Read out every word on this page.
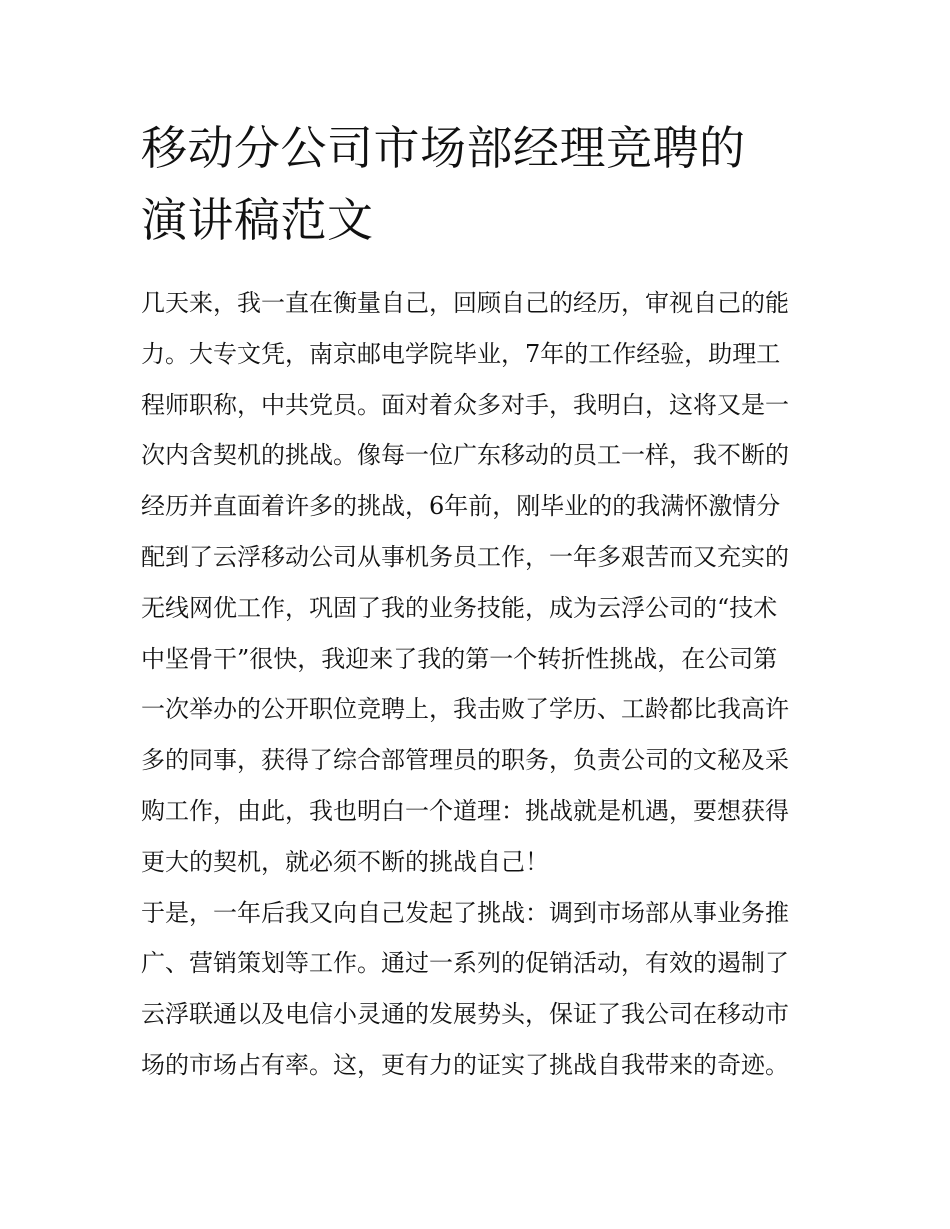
移动分公司市场部经理竞聘的
演讲稿范文
几天来，我一直在衡量自己，回顾自己的经历，审视自己的能
力。大专文凭，南京邮电学院毕业，7年的工作经验，助理工
程师职称，中共党员。面对着众多对手，我明白，这将又是一
次内含契机的挑战。像每一位广东移动的员工一样，我不断的
经历并直面着许多的挑战，6年前，刚毕业的的我满怀激情分
配到了云浮移动公司从事机务员工作，一年多艰苦而又充实的
无线网优工作，巩固了我的业务技能，成为云浮公司的“技术
中坚骨干”很快，我迎来了我的第一个转折性挑战，在公司第
一次举办的公开职位竞聘上，我击败了学历、工龄都比我高许
多的同事，获得了综合部管理员的职务，负责公司的文秘及采
购工作，由此，我也明白一个道理：挑战就是机遇，要想获得
更大的契机，就必须不断的挑战自己！
于是，一年后我又向自己发起了挑战：调到市场部从事业务推
广、营销策划等工作。通过一系列的促销活动，有效的遏制了
云浮联通以及电信小灵通的发展势头，保证了我公司在移动市
场的市场占有率。这，更有力的证实了挑战自我带来的奇迹。
